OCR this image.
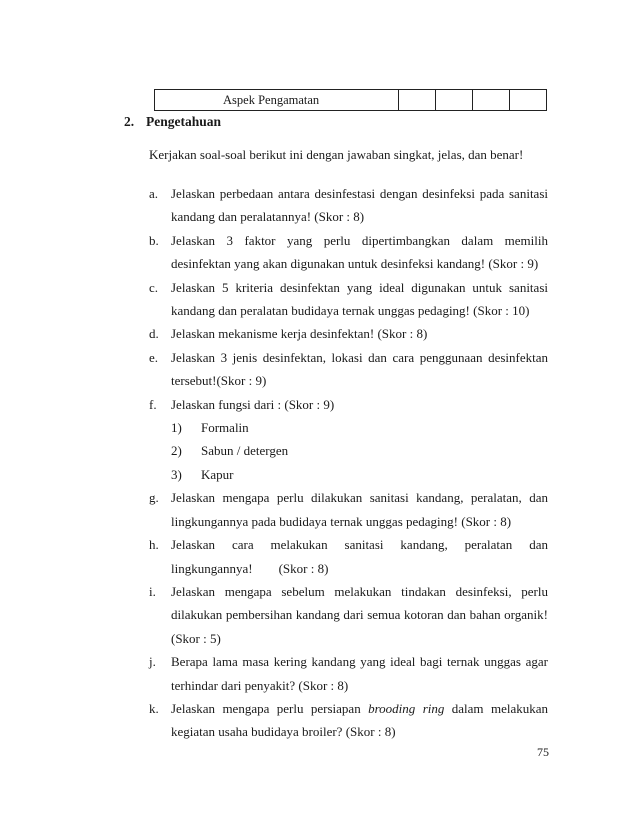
Aspek Pengamatan				
2. Pengetahuan
Kerjakan soal-soal berikut ini dengan jawaban singkat, jelas, dan benar!

a. Jelaskan perbedaan antara desinfestasi dengan desinfeksi pada sanitasi kandang dan peralatannya! (Skor : 8)

b. Jelaskan 3 faktor yang perlu dipertimbangkan dalam memilih desinfektan yang akan digunakan untuk desinfeksi kandang! (Skor : 9)

c. Jelaskan 5 kriteria desinfektan yang ideal digunakan untuk sanitasi kandang dan peralatan budidaya ternak unggas pedaging! (Skor : 10)

d. Jelaskan mekanisme kerja desinfektan! (Skor : 8)

e. Jelaskan 3 jenis desinfektan, lokasi dan cara penggunaan desinfektan tersebut!(Skor : 9)

f. Jelaskan fungsi dari : (Skor : 9)

1) Formalin

2) Sabun / detergen

3) Kapur

g. Jelaskan mengapa perlu dilakukan sanitasi kandang, peralatan, dan lingkungannya pada budidaya ternak unggas pedaging! (Skor : 8)

h. Jelaskan cara melakukan sanitasi kandang, peralatan dan
lingkungannya! (Skor : 8)

i. Jelaskan mengapa sebelum melakukan tindakan desinfeksi, perlu dilakukan pembersihan kandang dari semua kotoran dan bahan organik! (Skor : 5)

j. Berapa lama masa kering kandang yang ideal bagi ternak unggas agar terhindar dari penyakit? (Skor : 8)

k. Jelaskan mengapa perlu persiapan brooding ring dalam melakukan kegiatan usaha budidaya broiler? (Skor : 8)

75
